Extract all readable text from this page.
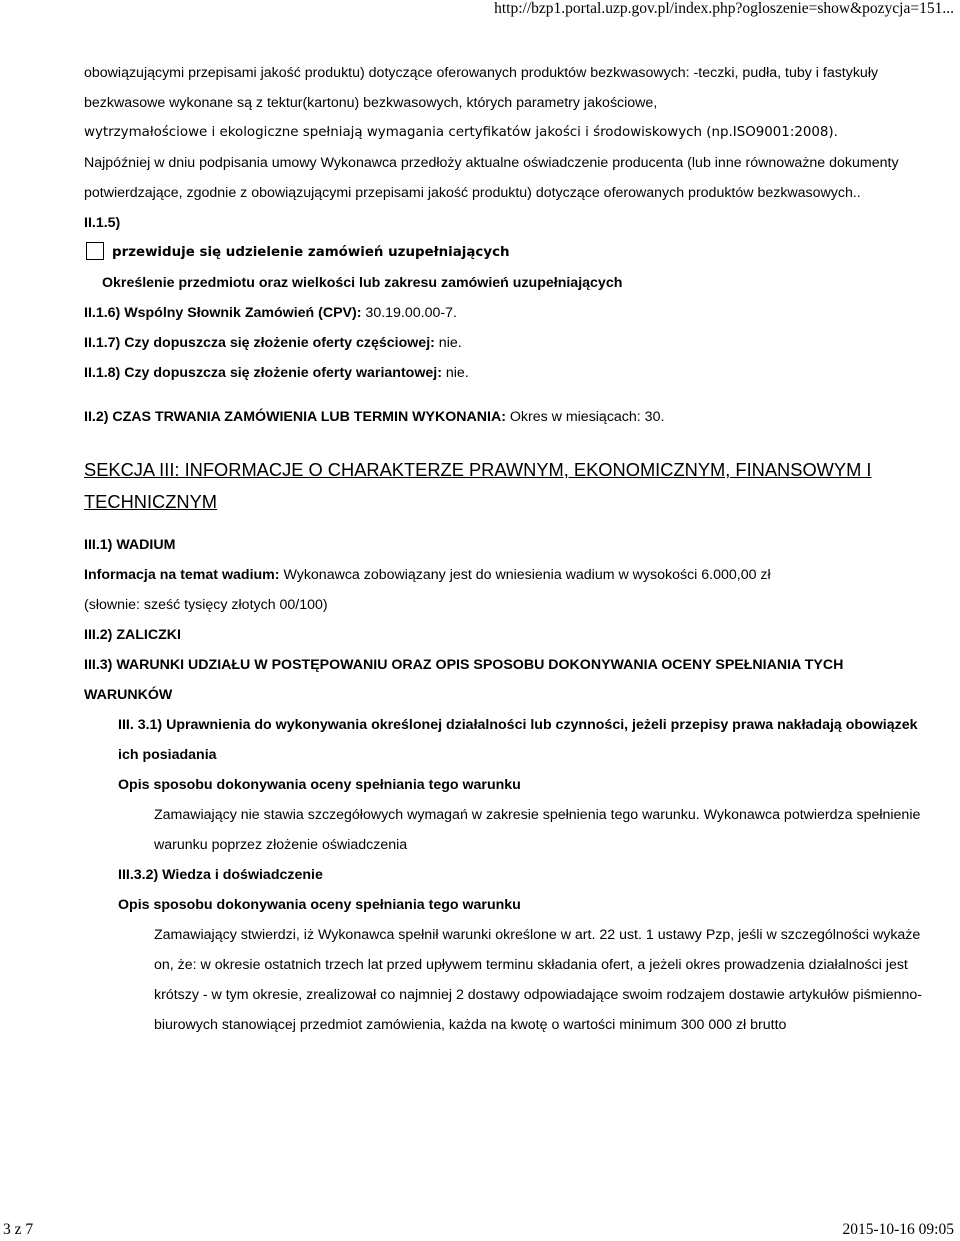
http://bzp1.portal.uzp.gov.pl/index.php?ogloszenie=show&pozycja=151...

obowiązującymi przepisami jakość produktu) dotyczące oferowanych produktów bezkwasowych: -teczki, pudła, tuby i fastykuły bezkwasowe wykonane są z tektur(kartonu) bezkwasowych, których parametry jakościowe,

wytrzymałościowe i ekologiczne spełniają wymagania certyfikatów jakości i środowiskowych (np.ISO9001:2008).

Najpóźniej w dniu podpisania umowy Wykonawca przedłoży aktualne oświadczenie producenta (lub inne równoważne dokumenty potwierdzające, zgodnie z obowiązującymi przepisami jakość produktu) dotyczące oferowanych produktów bezkwasowych..

II.1.5)

przewiduje się udzielenie zamówień uzupełniających

Określenie przedmiotu oraz wielkości lub zakresu zamówień uzupełniających

II.1.6) Wspólny Słownik Zamówień (CPV): 30.19.00.00-7.

II.1.7) Czy dopuszcza się złożenie oferty częściowej: nie.

II.1.8) Czy dopuszcza się złożenie oferty wariantowej: nie.

II.2) CZAS TRWANIA ZAMÓWIENIA LUB TERMIN WYKONANIA: Okres w miesiącach: 30.

SEKCJA III: INFORMACJE O CHARAKTERZE PRAWNYM, EKONOMICZNYM, FINANSOWYM I TECHNICZNYM

III.1) WADIUM

Informacja na temat wadium: Wykonawca zobowiązany jest do wniesienia wadium w wysokości 6.000,00 zł

(słownie: sześć tysięcy złotych 00/100)

III.2) ZALICZKI

III.3) WARUNKI UDZIAŁU W POSTĘPOWANIU ORAZ OPIS SPOSOBU DOKONYWANIA OCENY SPEŁNIANIA TYCH WARUNKÓW

III. 3.1) Uprawnienia do wykonywania określonej działalności lub czynności, jeżeli przepisy prawa nakładają obowiązek ich posiadania

Opis sposobu dokonywania oceny spełniania tego warunku

Zamawiający nie stawia szczegółowych wymagań w zakresie spełnienia tego warunku. Wykonawca potwierdza spełnienie warunku poprzez złożenie oświadczenia

III.3.2) Wiedza i doświadczenie

Opis sposobu dokonywania oceny spełniania tego warunku

Zamawiający stwierdzi, iż Wykonawca spełnił warunki określone w art. 22 ust. 1 ustawy Pzp, jeśli w szczególności wykaże on, że: w okresie ostatnich trzech lat przed upływem terminu składania ofert, a jeżeli okres prowadzenia działalności jest krótszy - w tym okresie, zrealizował co najmniej 2 dostawy odpowiadające swoim rodzajem dostawie artykułów piśmienno-biurowych stanowiącej przedmiot zamówienia, każda na kwotę o wartości minimum 300 000 zł brutto

3 z 7	2015-10-16 09:05
